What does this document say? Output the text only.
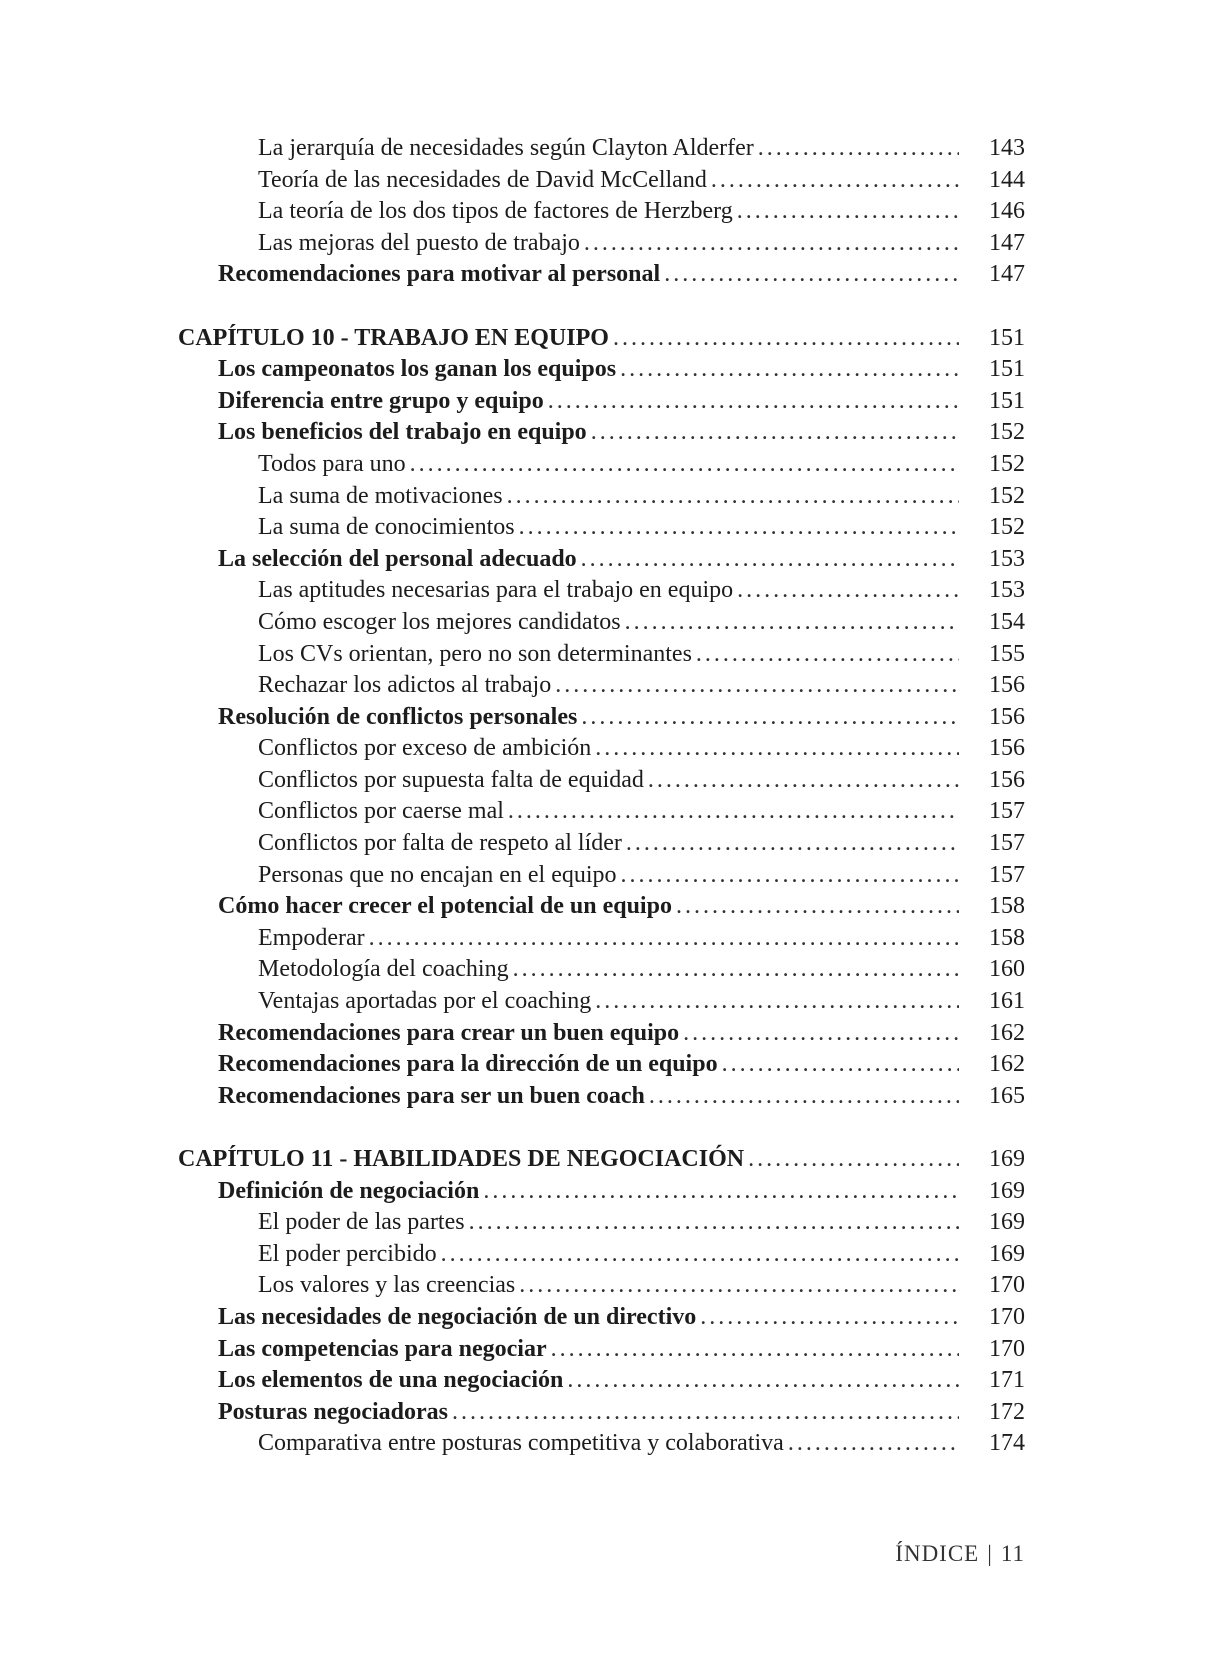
La jerarquía de necesidades según Clayton Alderfer .....	143
Teoría de las necesidades de David McCelland .....	144
La teoría de los dos tipos de factores de Herzberg .....	146
Las mejoras del puesto de trabajo .....	147
Recomendaciones para motivar al personal .....	147
CAPÍTULO 10 - TRABAJO EN EQUIPO .....	151
Los campeonatos los ganan los equipos .....	151
Diferencia entre grupo y equipo .....	151
Los beneficios del trabajo en equipo .....	152
Todos para uno .....	152
La suma de motivaciones .....	152
La suma de conocimientos .....	152
La selección del personal adecuado .....	153
Las aptitudes necesarias para el trabajo en equipo .....	153
Cómo escoger los mejores candidatos .....	154
Los CVs orientan, pero no son determinantes .....	155
Rechazar los adictos al trabajo .....	156
Resolución de conflictos personales .....	156
Conflictos por exceso de ambición .....	156
Conflictos por supuesta falta de equidad .....	156
Conflictos por caerse mal .....	157
Conflictos por falta de respeto al líder .....	157
Personas que no encajan en el equipo .....	157
Cómo hacer crecer el potencial de un equipo .....	158
Empoderar .....	158
Metodología del coaching .....	160
Ventajas aportadas por el coaching .....	161
Recomendaciones para crear un buen equipo .....	162
Recomendaciones para la dirección de un equipo .....	162
Recomendaciones para ser un buen coach .....	165
CAPÍTULO 11 - HABILIDADES DE NEGOCIACIÓN .....	169
Definición de negociación .....	169
El poder de las partes .....	169
El poder percibido .....	169
Los valores y las creencias .....	170
Las necesidades de negociación de un directivo .....	170
Las competencias para negociar .....	170
Los elementos de una negociación .....	171
Posturas negociadoras .....	172
Comparativa entre posturas competitiva y colaborativa .....	174
ÍNDICE | 11
